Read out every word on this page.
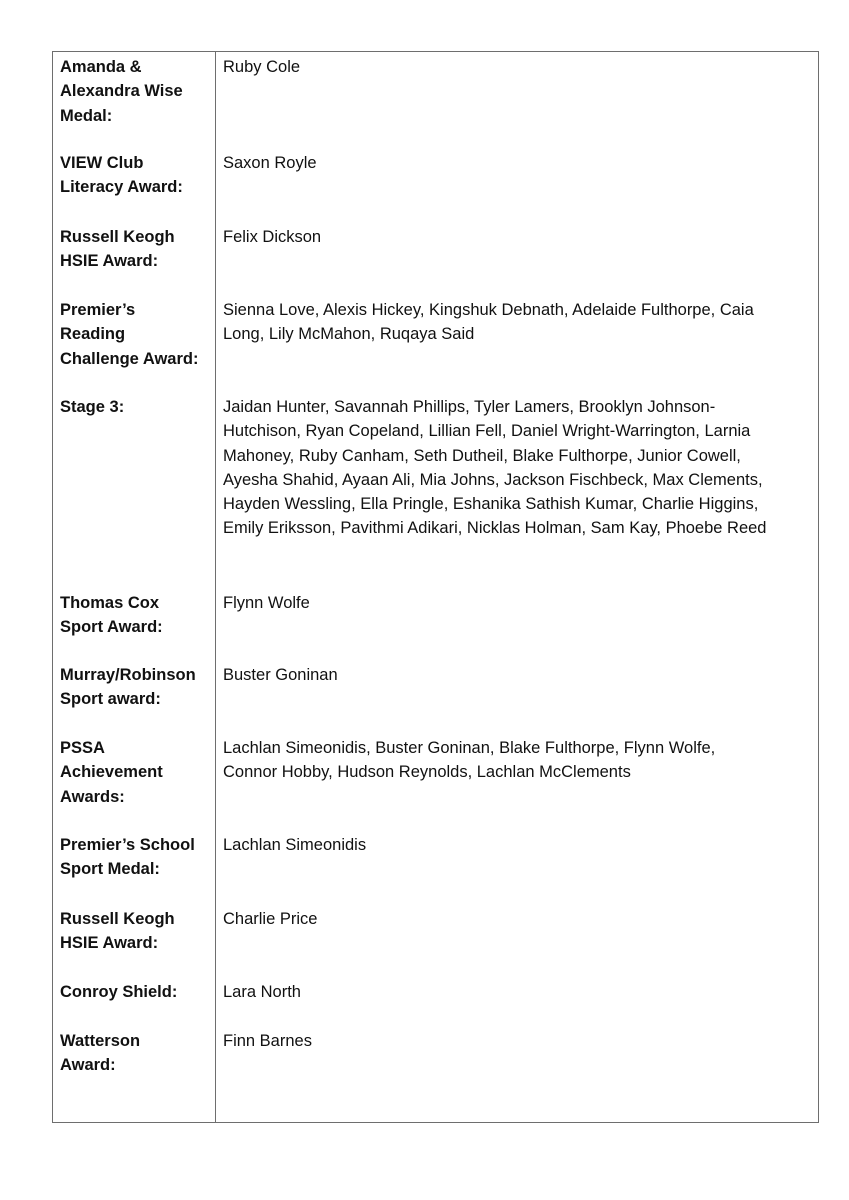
Amanda &
Alexandra Wise
Medal:
Ruby Cole
VIEW Club
Literacy Award:
Saxon Royle
Russell Keogh
HSIE Award:
Felix Dickson
Premier’s
Reading
Challenge Award:
Sienna Love, Alexis Hickey, Kingshuk Debnath, Adelaide Fulthorpe, Caia
Long, Lily McMahon, Ruqaya Said
Stage 3:	Jaidan Hunter, Savannah Phillips, Tyler Lamers, Brooklyn Johnson-
Hutchison, Ryan Copeland, Lillian Fell, Daniel Wright-Warrington, Larnia
Mahoney, Ruby Canham, Seth Dutheil, Blake Fulthorpe, Junior Cowell,
Ayesha Shahid, Ayaan Ali, Mia Johns, Jackson Fischbeck, Max Clements,
Hayden Wessling, Ella Pringle, Eshanika Sathish Kumar, Charlie Higgins,
Emily Eriksson, Pavithmi Adikari, Nicklas Holman, Sam Kay, Phoebe Reed
Thomas Cox
Sport Award:
Flynn Wolfe
Murray/Robinson
Sport award:
Buster Goninan
PSSA
Achievement
Awards:
Lachlan Simeonidis, Buster Goninan, Blake Fulthorpe, Flynn Wolfe,
Connor Hobby, Hudson Reynolds, Lachlan McClements
Premier’s School
Sport Medal:
Lachlan Simeonidis
Russell Keogh
HSIE Award:
Charlie Price
Conroy Shield:	Lara North
Watterson
Award:
Finn Barnes
